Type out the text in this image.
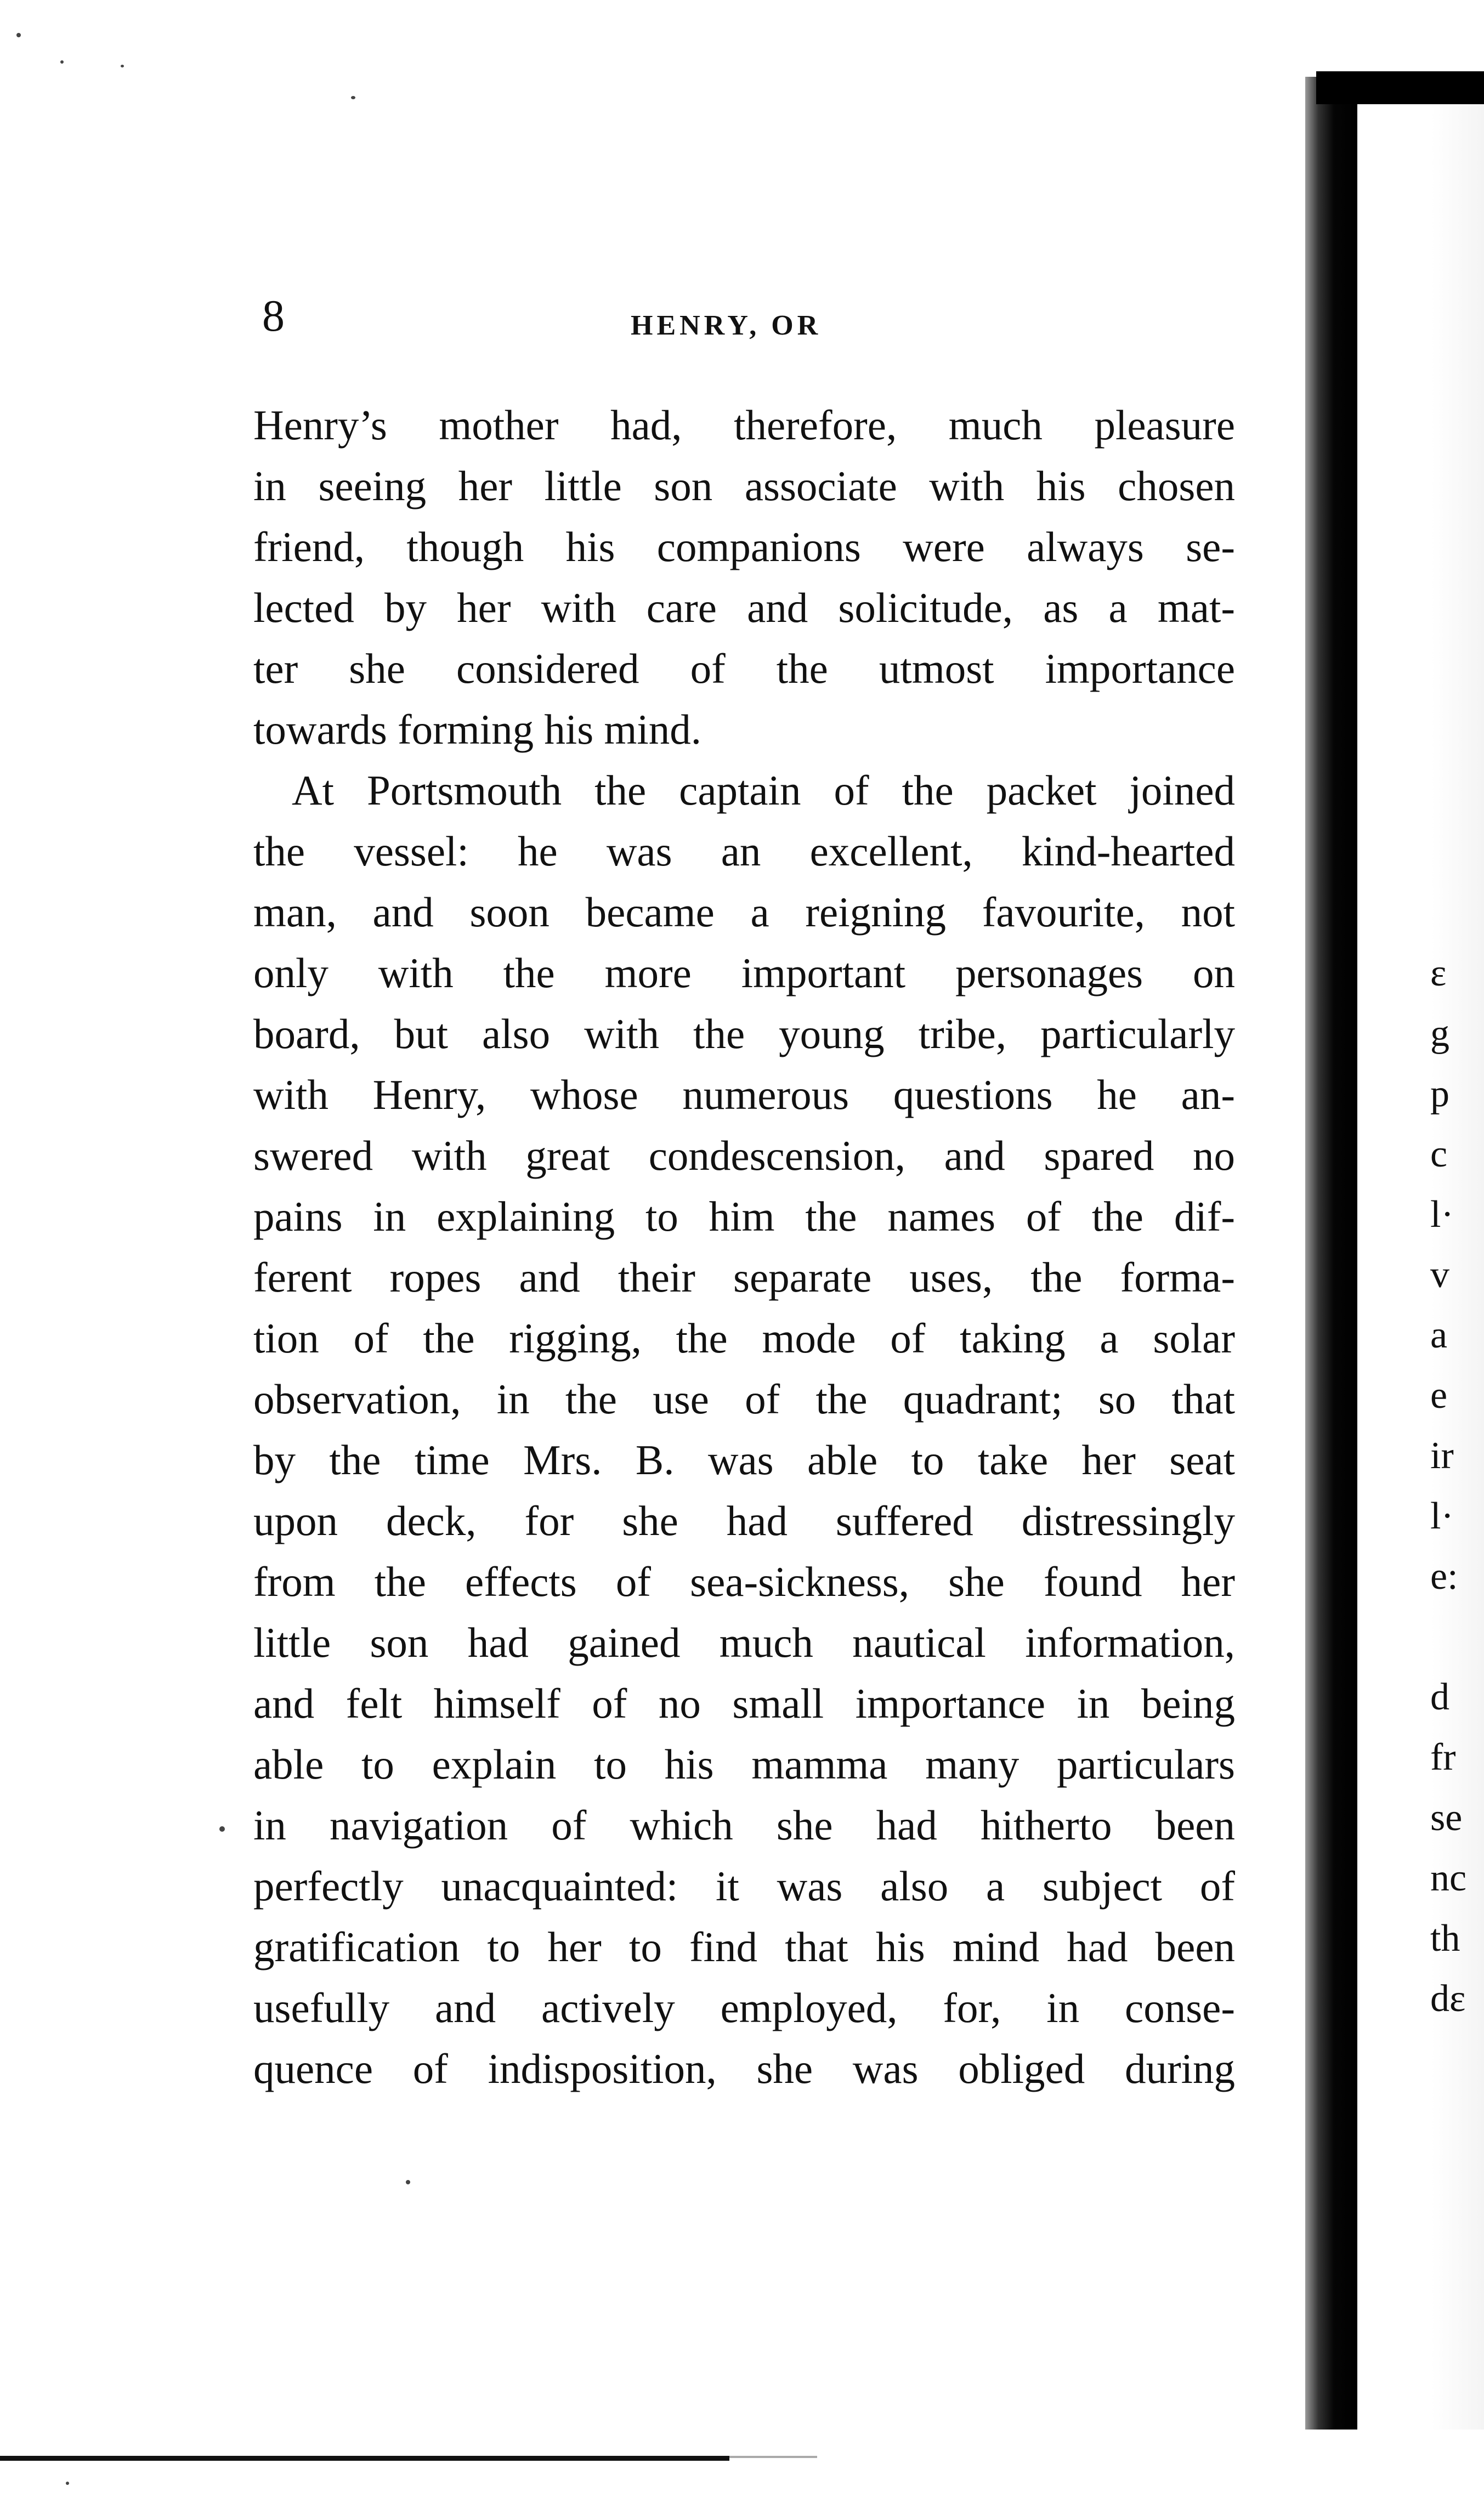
8	HENRY, OR
Henry’s mother had, therefore, much pleasure
in seeing her little son associate with his chosen
friend, though his companions were always se-
lected by her with care and solicitude, as a mat-
ter she considered of the utmost importance
towards forming his mind.
At Portsmouth the captain of the packet joined
the vessel: he was an excellent, kind-hearted
man, and soon became a reigning favourite, not
only with the more important personages on
board, but also with the young tribe, particularly
with Henry, whose numerous questions he an-
swered with great condescension, and spared no
pains in explaining to him the names of the dif-
ferent ropes and their separate uses, the forma-
tion of the rigging, the mode of taking a solar
observation, in the use of the quadrant; so that
by the time Mrs. B. was able to take her seat
upon deck, for she had suffered distressingly
from the effects of sea-sickness, she found her
little son had gained much nautical information,
and felt himself of no small importance in being
able to explain to his mamma many particulars
in navigation of which she had hitherto been
perfectly unacquainted: it was also a subject of
gratification to her to find that his mind had been
usefully and actively employed, for, in conse-
quence of indisposition, she was obliged during
ε
g
p
c
l·
v
a
e
ir
l·
e:
d
fr
se
nc
th
dε
